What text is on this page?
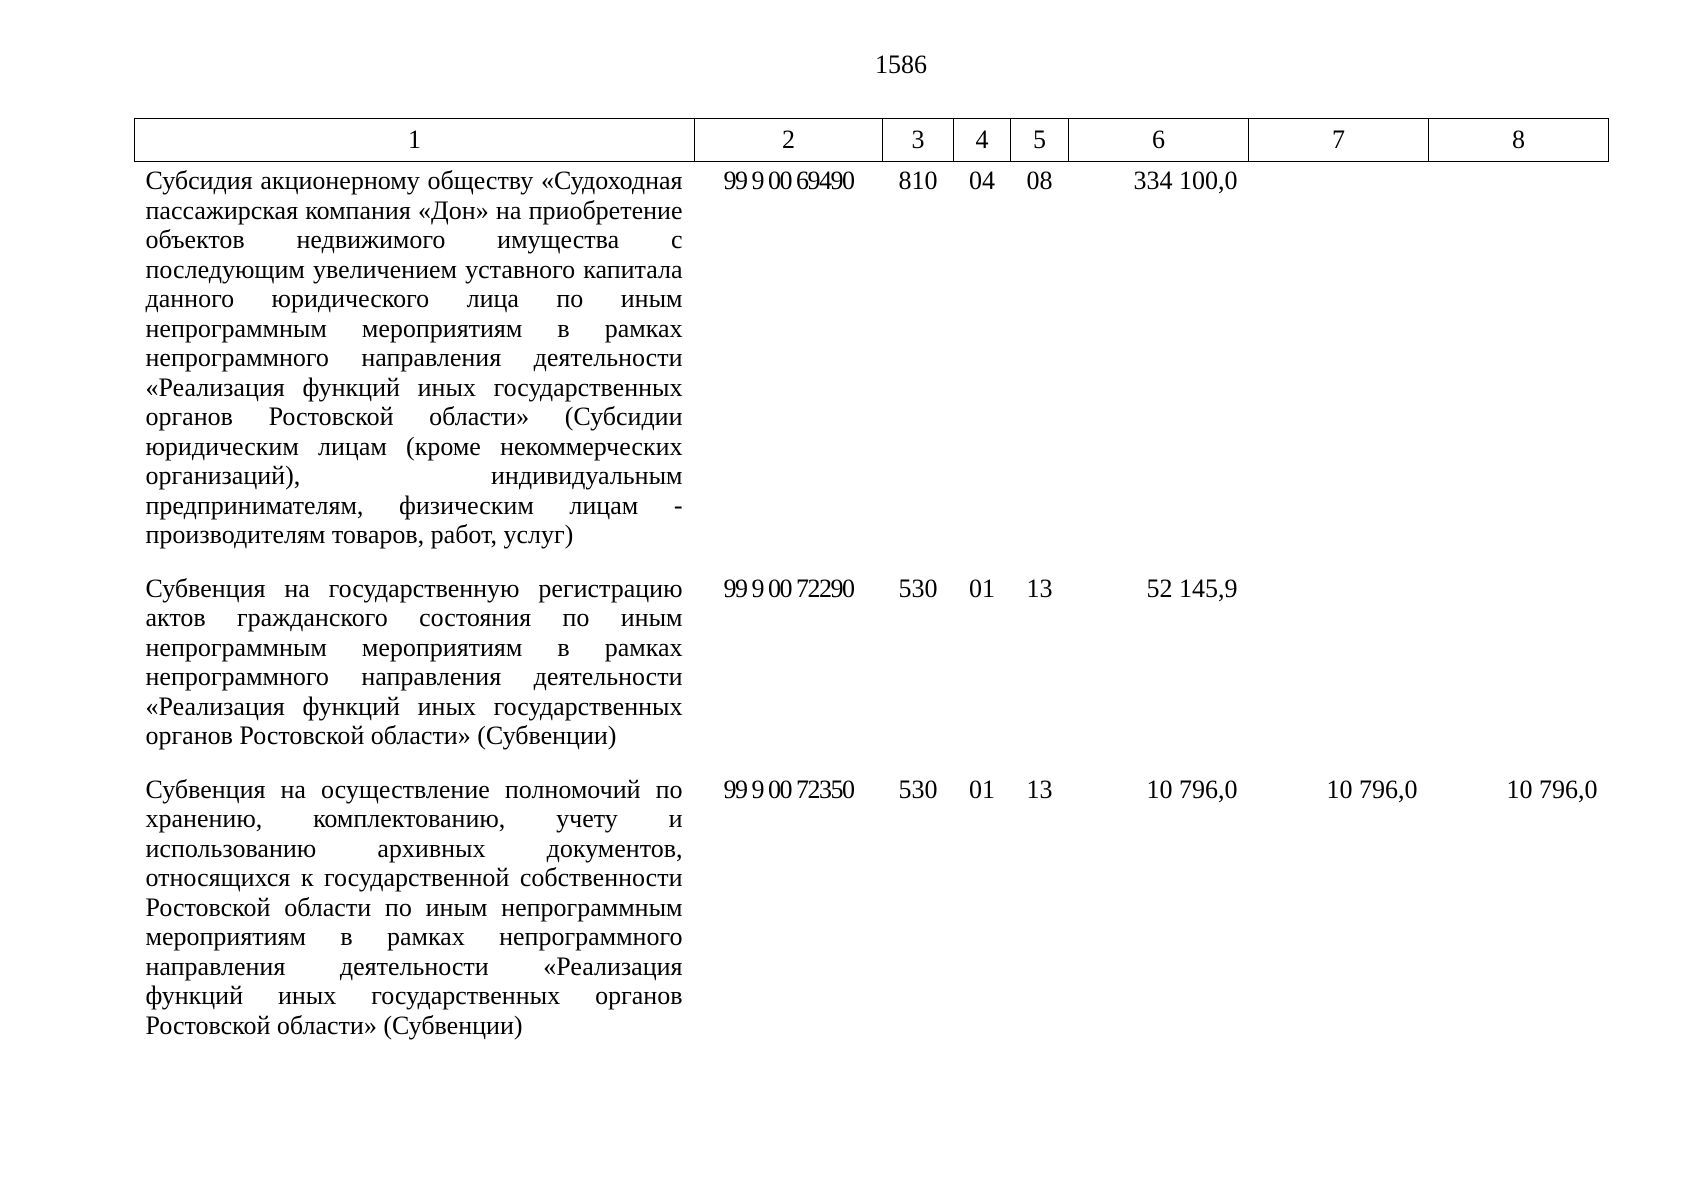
1586
1	2	3	4	5	6	7	8
Субсидия акционерному обществу «Судоходная пассажирская компания «Дон» на приобретение объектов недвижимого имущества с последующим увеличением уставного капитала данного юридического лица по иным непрограммным мероприятиям в рамках непрограммного направления деятельности «Реализация функций иных государственных органов Ростовской области» (Субсидии юридическим лицам (кроме некоммерческих организаций), индивидуальным предпринимателям, физическим лицам - производителям товаров, работ, услуг)	99 9 00 69490	810	04	08	334 100,0		
Субвенция на государственную регистрацию актов гражданского состояния по иным непрограммным мероприятиям в рамках непрограммного направления деятельности «Реализация функций иных государственных органов Ростовской области» (Субвенции)	99 9 00 72290	530	01	13	52 145,9		
Субвенция на осуществление полномочий по хранению, комплектованию, учету и использованию архивных документов, относящихся к государственной собственности Ростовской области по иным непрограммным мероприятиям в рамках непрограммного направления деятельности «Реализация функций иных государственных органов Ростовской области» (Субвенции)	99 9 00 72350	530	01	13	10 796,0	10 796,0	10 796,0
